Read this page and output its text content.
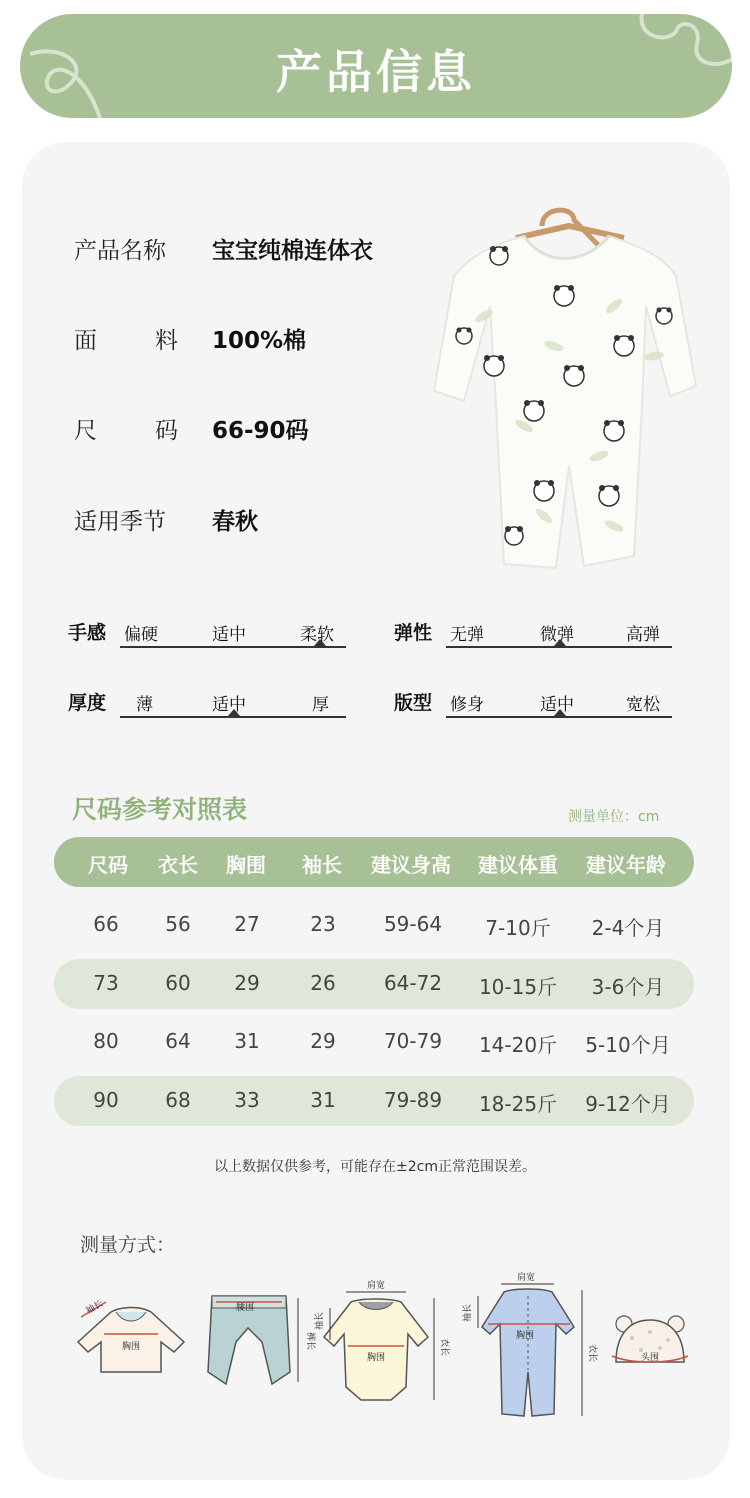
产品信息
产品名称	宝宝纯棉连体衣
面	料 100%棉
尺	码 66-90码
适用季节	春秋
手感 偏硬	适中	柔软	弹性 无弹	微弹	高弹
厚度 薄	适中	厚	版型 修身	适中	宽松
尺码参考对照表	测量单位：cm
尺码 衣长 胸围 袖长 建议身高 建议体重 建议年龄
66 56 27	23 59-64 7-10斤 2-4个月
73 60 29	26 64-72 10-15斤 3-6个月
80 64 31	29 70-79 14-20斤 5-10个月
90 68 33	31 79-89 18-25斤 9-12个月
以上数据仅供参考，可能存在±2cm正常范围误差。
测量方式：
袖长
胸围
腰围
裤长
肩宽
胸围
袖长
衣长
肩宽
胸围
袖长
衣长	头围
